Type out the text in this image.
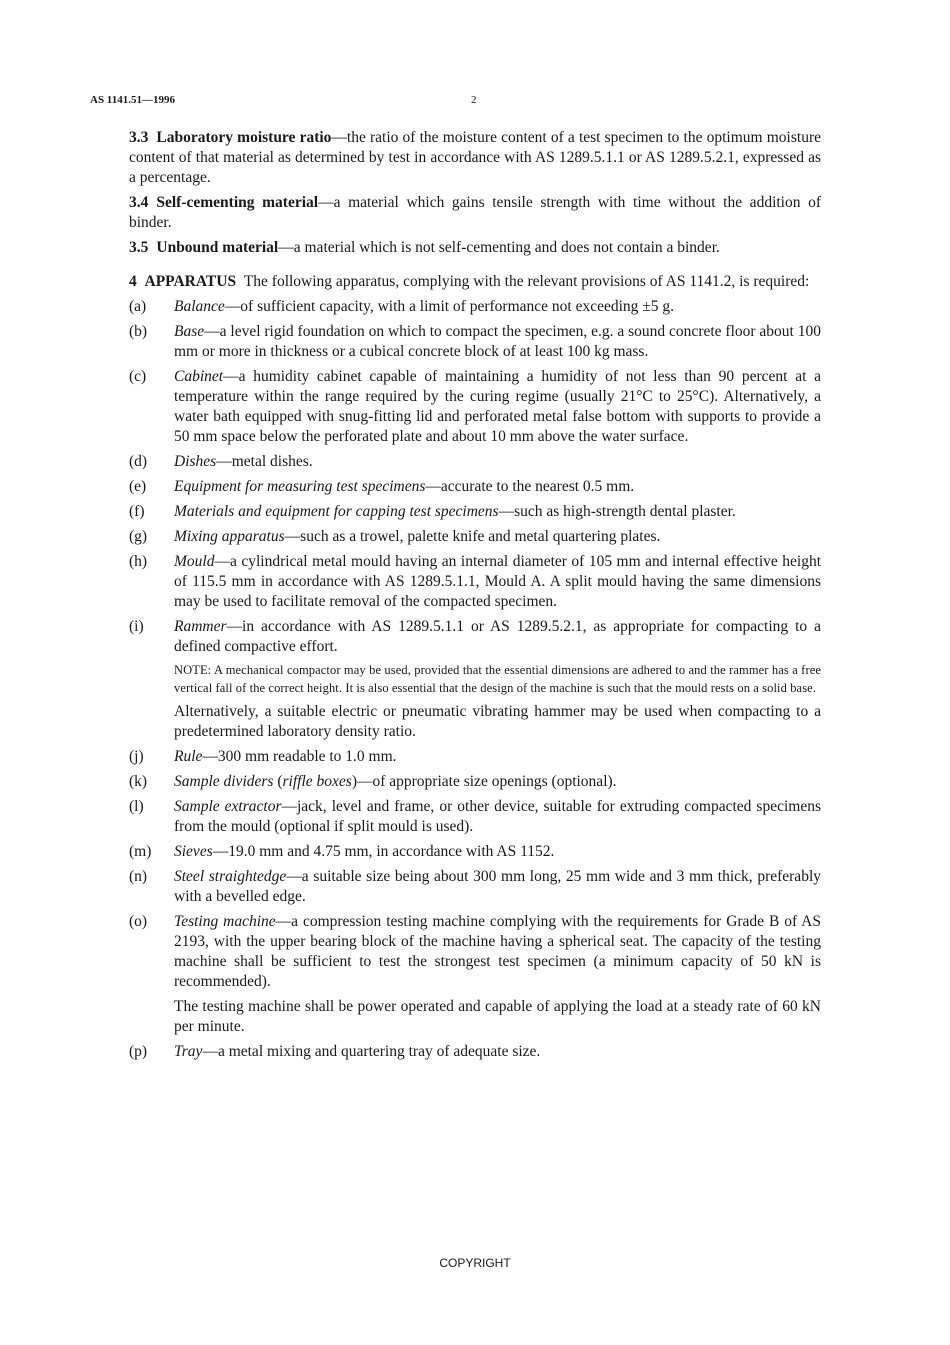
AS 1141.51—1996	2

3.3 Laboratory moisture ratio—the ratio of the moisture content of a test specimen to the optimum moisture content of that material as determined by test in accordance with AS 1289.5.1.1 or AS 1289.5.2.1, expressed as a percentage.

3.4 Self-cementing material—a material which gains tensile strength with time without the addition of binder.

3.5 Unbound material—a material which is not self-cementing and does not contain a binder.

4 APPARATUS The following apparatus, complying with the relevant provisions of AS 1141.2, is required:

(a)	Balance—of sufficient capacity, with a limit of performance not exceeding ±5 g.
(b)	Base—a level rigid foundation on which to compact the specimen, e.g. a sound concrete floor about 100 mm or more in thickness or a cubical concrete block of at least 100 kg mass.
(c)	Cabinet—a humidity cabinet capable of maintaining a humidity of not less than 90 percent at a temperature within the range required by the curing regime (usually 21°C to 25°C). Alternatively, a water bath equipped with snug-fitting lid and perforated metal false bottom with supports to provide a 50 mm space below the perforated plate and about 10 mm above the water surface.
(d)	Dishes—metal dishes.
(e)	Equipment for measuring test specimens—accurate to the nearest 0.5 mm.
(f)	Materials and equipment for capping test specimens—such as high-strength dental plaster.
(g)	Mixing apparatus—such as a trowel, palette knife and metal quartering plates.
(h)	Mould—a cylindrical metal mould having an internal diameter of 105 mm and internal effective height of 115.5 mm in accordance with AS 1289.5.1.1, Mould A. A split mould having the same dimensions may be used to facilitate removal of the compacted specimen.
(i)	Rammer—in accordance with AS 1289.5.1.1 or AS 1289.5.2.1, as appropriate for compacting to a defined compactive effort.
NOTE: A mechanical compactor may be used, provided that the essential dimensions are adhered to and the rammer has a free vertical fall of the correct height. It is also essential that the design of the machine is such that the mould rests on a solid base.
Alternatively, a suitable electric or pneumatic vibrating hammer may be used when compacting to a predetermined laboratory density ratio.
(j)	Rule—300 mm readable to 1.0 mm.
(k)	Sample dividers (riffle boxes)—of appropriate size openings (optional).
(l)	Sample extractor—jack, level and frame, or other device, suitable for extruding compacted specimens from the mould (optional if split mould is used).
(m)	Sieves—19.0 mm and 4.75 mm, in accordance with AS 1152.
(n)	Steel straightedge—a suitable size being about 300 mm long, 25 mm wide and 3 mm thick, preferably with a bevelled edge.
(o)	Testing machine—a compression testing machine complying with the requirements for Grade B of AS 2193, with the upper bearing block of the machine having a spherical seat. The capacity of the testing machine shall be sufficient to test the strongest test specimen (a minimum capacity of 50 kN is recommended).
The testing machine shall be power operated and capable of applying the load at a steady rate of 60 kN per minute.
(p)	Tray—a metal mixing and quartering tray of adequate size.
COPYRIGHT
